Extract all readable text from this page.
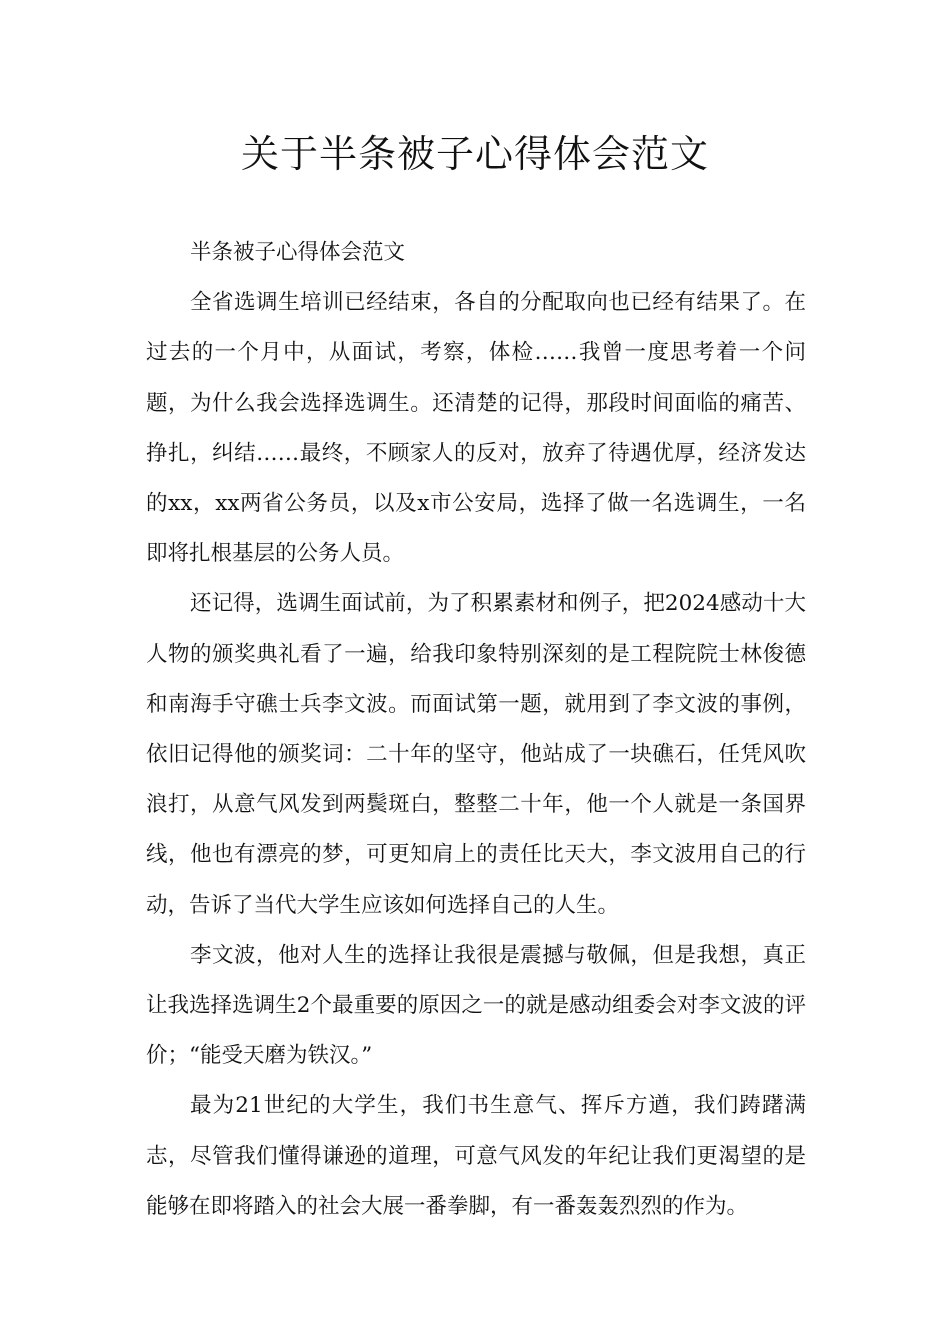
关于半条被子心得体会范文

半条被子心得体会范文

全省选调生培训已经结束，各自的分配取向也已经有结果了。在过去的一个月中，从面试，考察，体检……我曾一度思考着一个问题，为什么我会选择选调生。还清楚的记得，那段时间面临的痛苦、挣扎，纠结……最终，不顾家人的反对，放弃了待遇优厚，经济发达的xx，xx两省公务员，以及x市公安局，选择了做一名选调生，一名即将扎根基层的公务人员。

还记得，选调生面试前，为了积累素材和例子，把2024感动十大人物的颁奖典礼看了一遍，给我印象特别深刻的是工程院院士林俊德和南海手守礁士兵李文波。而面试第一题，就用到了李文波的事例，依旧记得他的颁奖词：二十年的坚守，他站成了一块礁石，任凭风吹浪打，从意气风发到两鬓斑白，整整二十年，他一个人就是一条国界线，他也有漂亮的梦，可更知肩上的责任比天大，李文波用自己的行动，告诉了当代大学生应该如何选择自己的人生。

李文波，他对人生的选择让我很是震撼与敬佩，但是我想，真正让我选择选调生2个最重要的原因之一的就是感动组委会对李文波的评价；“能受天磨为铁汉。”

最为21世纪的大学生，我们书生意气、挥斥方遒，我们踌躇满志，尽管我们懂得谦逊的道理，可意气风发的年纪让我们更渴望的是能够在即将踏入的社会大展一番拳脚，有一番轰轰烈烈的作为。
